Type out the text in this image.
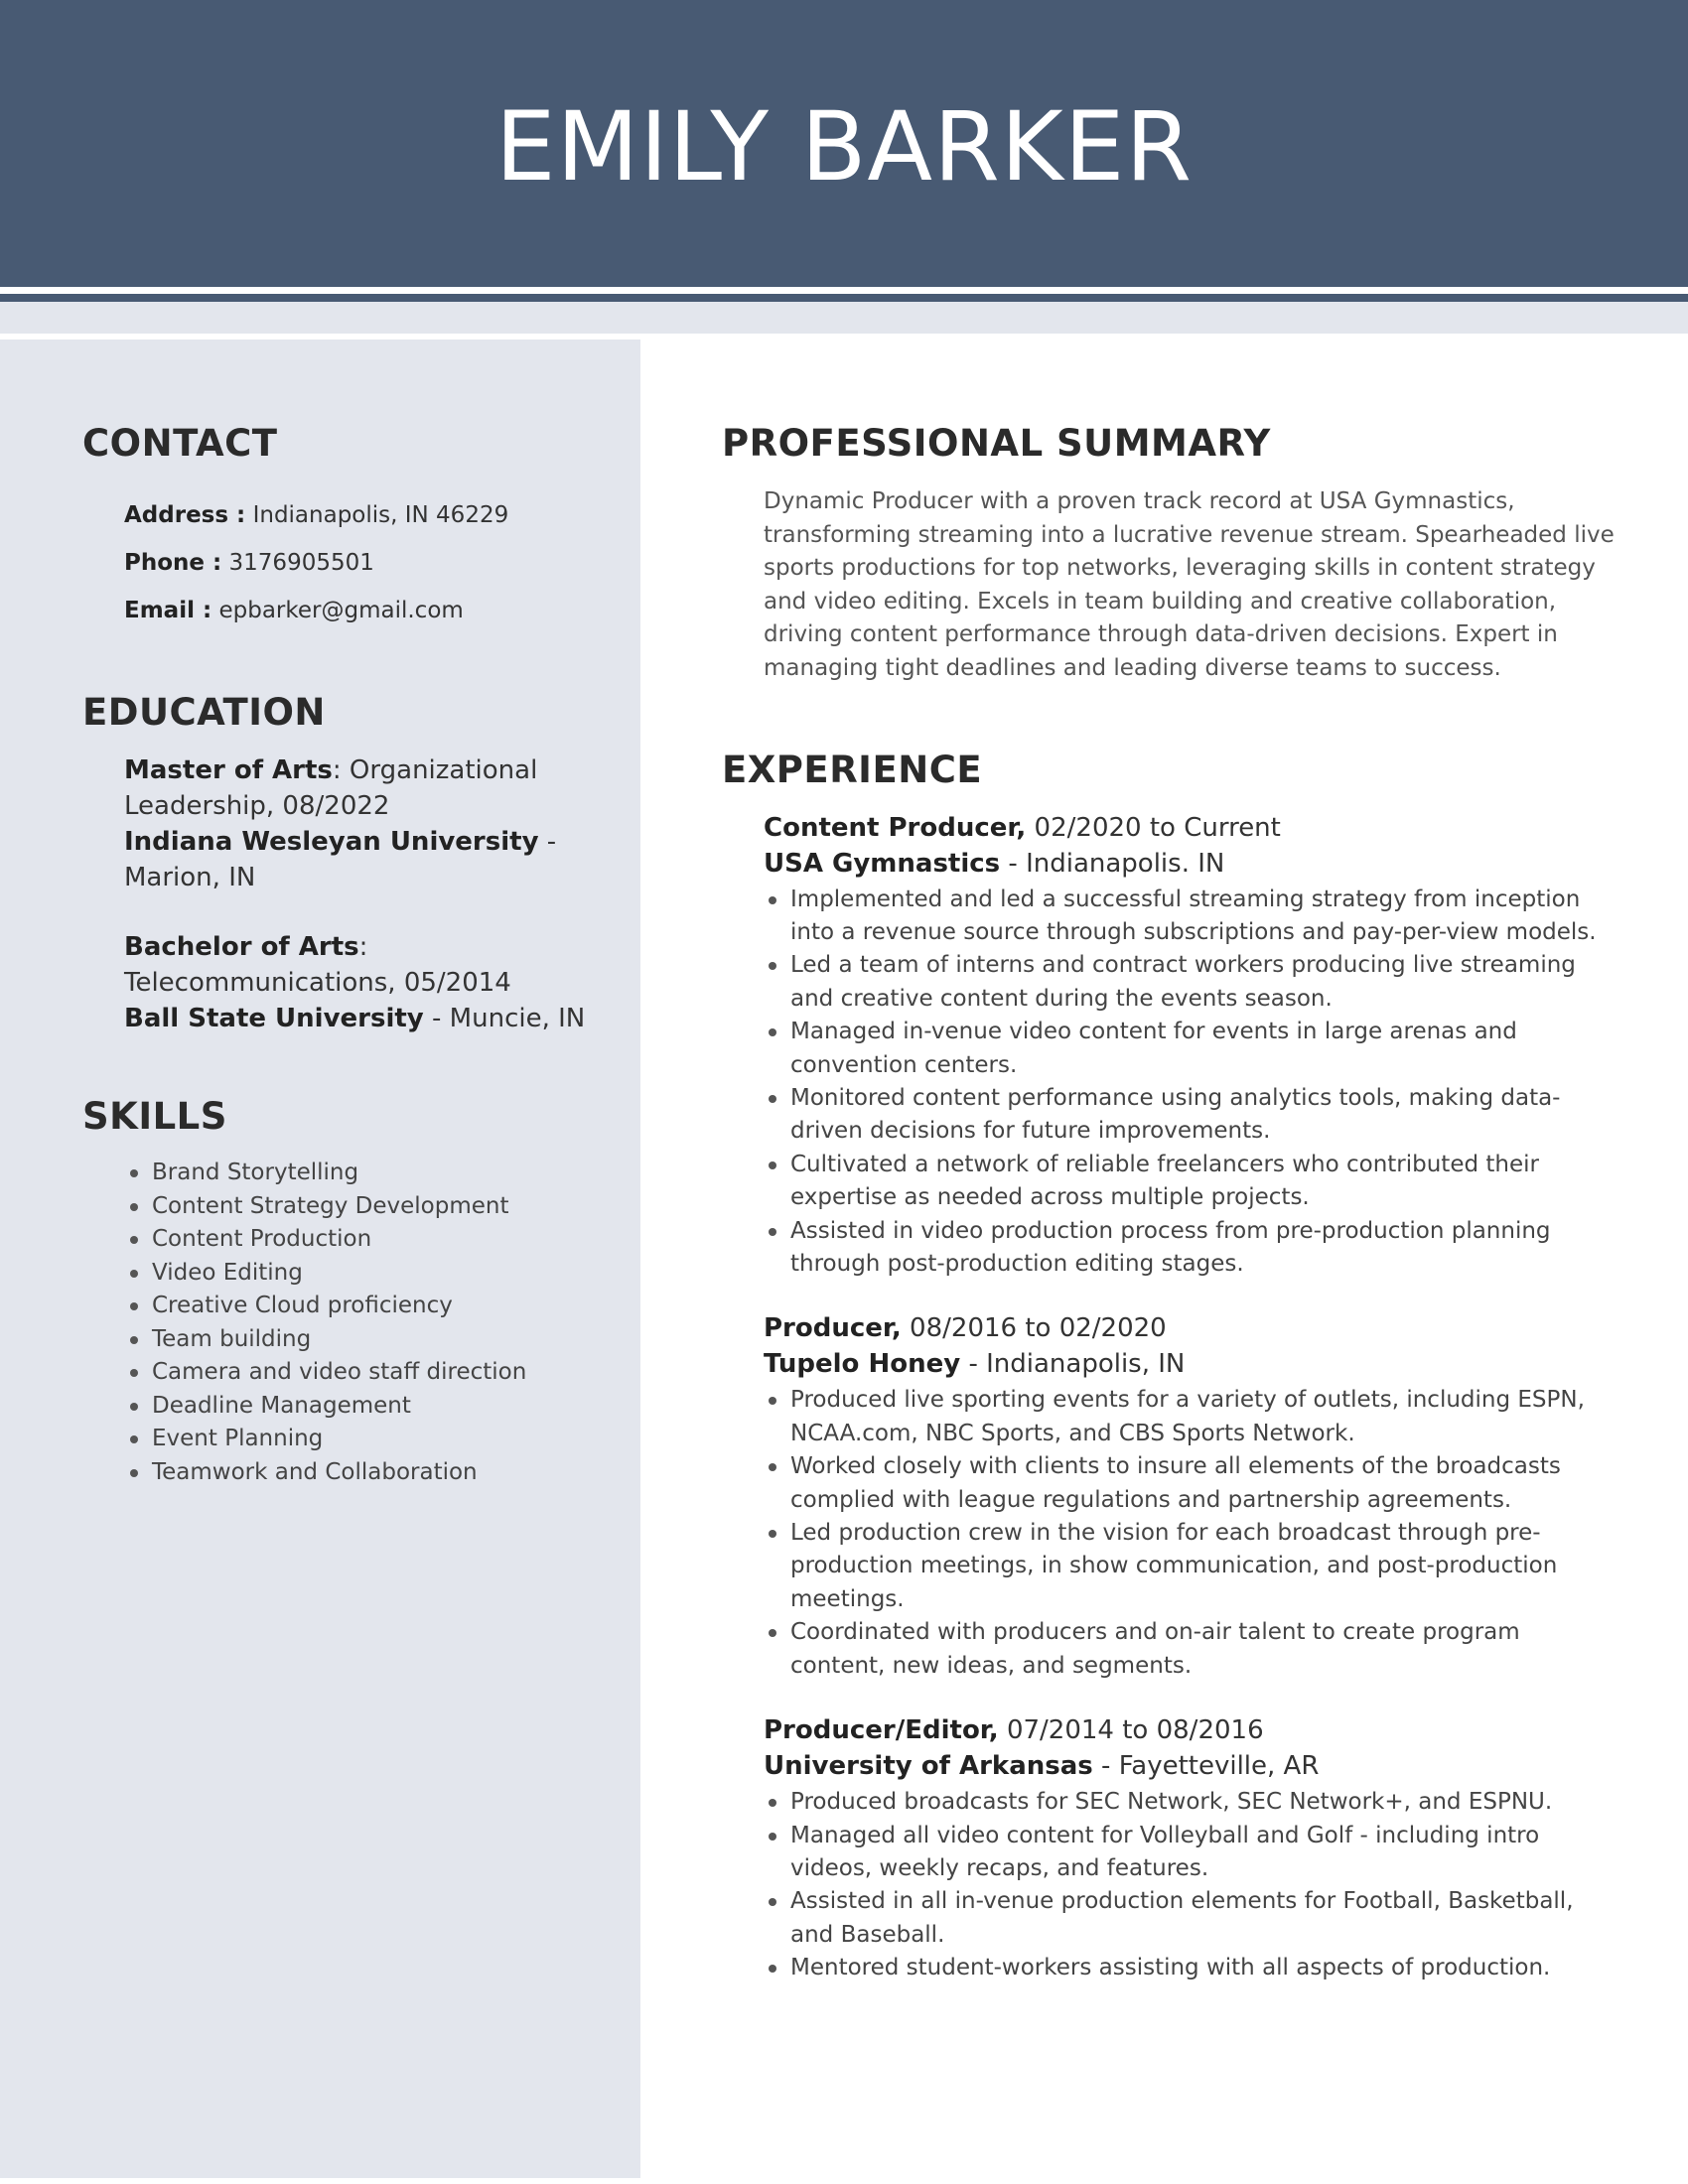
EMILY BARKER
CONTACT
Address : Indianapolis, IN 46229
Phone : 3176905501
Email : epbarker@gmail.com
EDUCATION
Master of Arts: Organizational Leadership, 08/2022
Indiana Wesleyan University - Marion, IN
Bachelor of Arts: Telecommunications, 05/2014
Ball State University - Muncie, IN
SKILLS
Brand Storytelling
Content Strategy Development
Content Production
Video Editing
Creative Cloud proficiency
Team building
Camera and video staff direction
Deadline Management
Event Planning
Teamwork and Collaboration
PROFESSIONAL SUMMARY

Dynamic Producer with a proven track record at USA Gymnastics, transforming streaming into a lucrative revenue stream. Spearheaded live sports productions for top networks, leveraging skills in content strategy and video editing. Excels in team building and creative collaboration, driving content performance through data-driven decisions. Expert in managing tight deadlines and leading diverse teams to success.

EXPERIENCE
Content Producer, 02/2020 to Current
USA Gymnastics - Indianapolis. IN
Implemented and led a successful streaming strategy from inception into a revenue source through subscriptions and pay-per-view models.
Led a team of interns and contract workers producing live streaming and creative content during the events season.
Managed in-venue video content for events in large arenas and convention centers.
Monitored content performance using analytics tools, making data-driven decisions for future improvements.
Cultivated a network of reliable freelancers who contributed their expertise as needed across multiple projects.
Assisted in video production process from pre-production planning through post-production editing stages.
Producer, 08/2016 to 02/2020
Tupelo Honey - Indianapolis, IN
Produced live sporting events for a variety of outlets, including ESPN, NCAA.com, NBC Sports, and CBS Sports Network.
Worked closely with clients to insure all elements of the broadcasts complied with league regulations and partnership agreements.
Led production crew in the vision for each broadcast through pre-production meetings, in show communication, and post-production meetings.
Coordinated with producers and on-air talent to create program content, new ideas, and segments.
Producer/Editor, 07/2014 to 08/2016
University of Arkansas - Fayetteville, AR
Produced broadcasts for SEC Network, SEC Network+, and ESPNU.
Managed all video content for Volleyball and Golf - including intro videos, weekly recaps, and features.
Assisted in all in-venue production elements for Football, Basketball, and Baseball.
Mentored student-workers assisting with all aspects of production.
